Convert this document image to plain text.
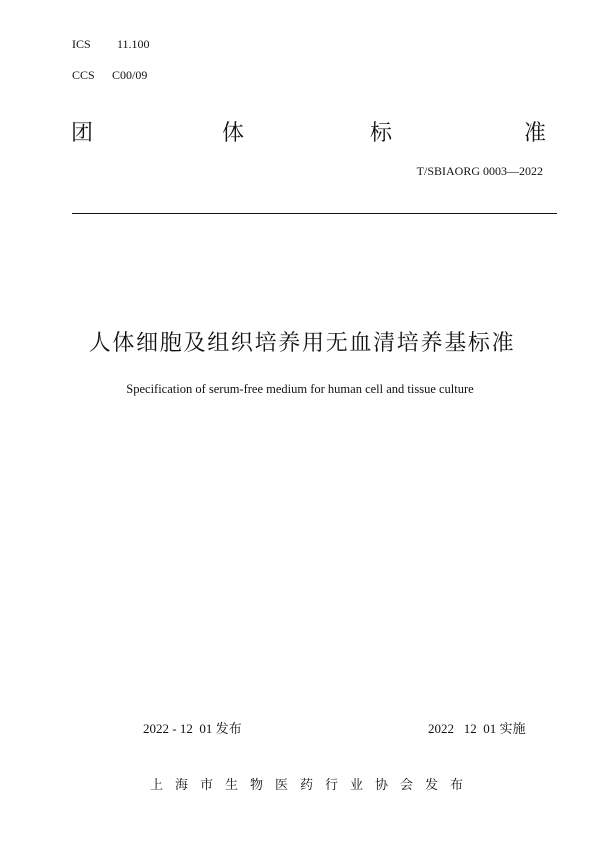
ICS 11.100
CCS C00/09
团	体	标	准
T/SBIAORG 0003—2022
人体细胞及组织培养用无血清培养基标准
Specification of serum-free medium for human cell and tissue culture
2022 - 12  01 发布	2022   12  01 实施
上海市生物医药行业协会发布
